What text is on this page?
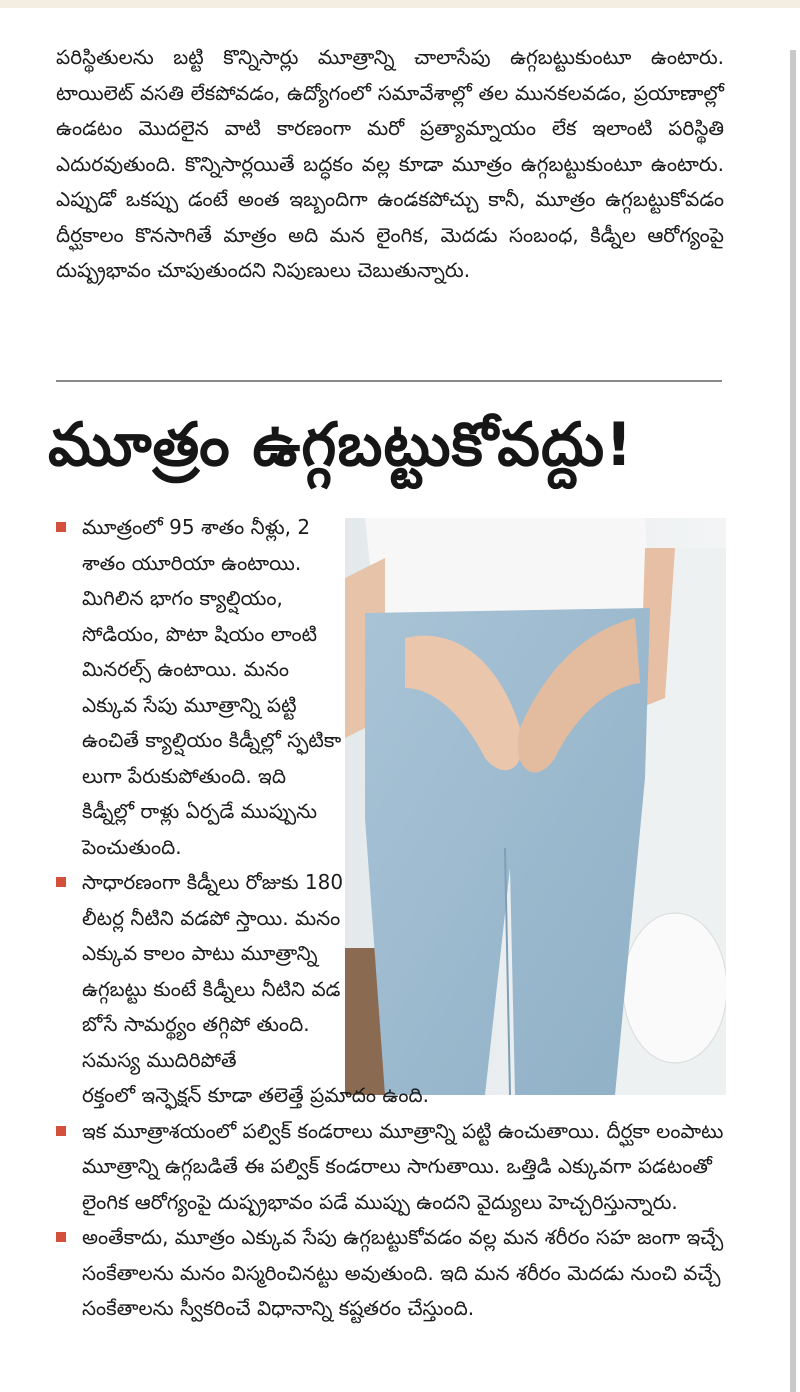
పరిస్థితులను బట్టి కొన్నిసార్లు మూత్రాన్ని చాలాసేపు ఉగ్గబట్టుకుంటూ ఉంటారు. టాయిలెట్ వసతి లేకపోవడం, ఉద్యోగంలో సమావేశాల్లో తల మునకలవడం, ప్రయాణాల్లో ఉండటం మొదలైన వాటి కారణంగా మరో ప్రత్యామ్నాయం లేక ఇలాంటి పరిస్థితి ఎదురవుతుంది. కొన్నిసార్లయితే బద్ధకం వల్ల కూడా మూత్రం ఉగ్గబట్టుకుంటూ ఉంటారు. ఎప్పుడో ఒకప్పు డంటే అంత ఇబ్బందిగా ఉండకపోచ్చు కానీ, మూత్రం ఉగ్గబట్టుకోవడం దీర్ఘకాలం కొనసాగితే మాత్రం అది మన లైంగిక, మెదడు సంబంధ, కిడ్నీల ఆరోగ్యంపై దుష్ప్రభావం చూపుతుందని నిపుణులు చెబుతున్నారు.

మూత్రం ఉగ్గబట్టుకోవద్దు!
మూత్రంలో 95 శాతం నీళ్లు, 2 శాతం యూరియా ఉంటాయి. మిగిలిన భాగం క్యాల్షియం, సోడియం, పొటా షియం లాంటి మినరల్స్ ఉంటాయి. మనం ఎక్కువ సేపు మూత్రాన్ని పట్టి ఉంచితే క్యాల్షియం కిడ్నీల్లో స్ఫటికా లుగా పేరుకుపోతుంది. ఇది కిడ్నీల్లో రాళ్లు ఏర్పడే ముప్పును పెంచుతుంది.
సాధారణంగా కిడ్నీలు రోజుకు 180 లీటర్ల నీటిని వడపో స్తాయి. మనం ఎక్కువ కాలం పాటు మూత్రాన్ని ఉగ్గబట్టు కుంటే కిడ్నీలు నీటిని వడ బోసే సామర్థ్యం తగ్గిపో తుంది. సమస్య ముదిరిపోతే
రక్తంలో ఇన్ఫెక్షన్ కూడా తలెత్తే ప్రమాదం ఉంది.
ఇక మూత్రాశయంలో పల్విక్ కండరాలు మూత్రాన్ని పట్టి ఉంచుతాయి. దీర్ఘకా లంపాటు మూత్రాన్ని ఉగ్గబడితే ఈ పల్విక్ కండరాలు సాగుతాయి. ఒత్తిడి ఎక్కువగా పడటంతో లైంగిక ఆరోగ్యంపై దుష్ప్రభావం పడే ముప్పు ఉందని వైద్యులు హెచ్చరిస్తున్నారు.
అంతేకాదు, మూత్రం ఎక్కువ సేపు ఉగ్గబట్టుకోవడం వల్ల మన శరీరం సహ జంగా ఇచ్చే సంకేతాలను మనం విస్మరించినట్టు అవుతుంది. ఇది మన శరీరం మెదడు నుంచి వచ్చే సంకేతాలను స్వీకరించే విధానాన్ని కష్టతరం చేస్తుంది.
